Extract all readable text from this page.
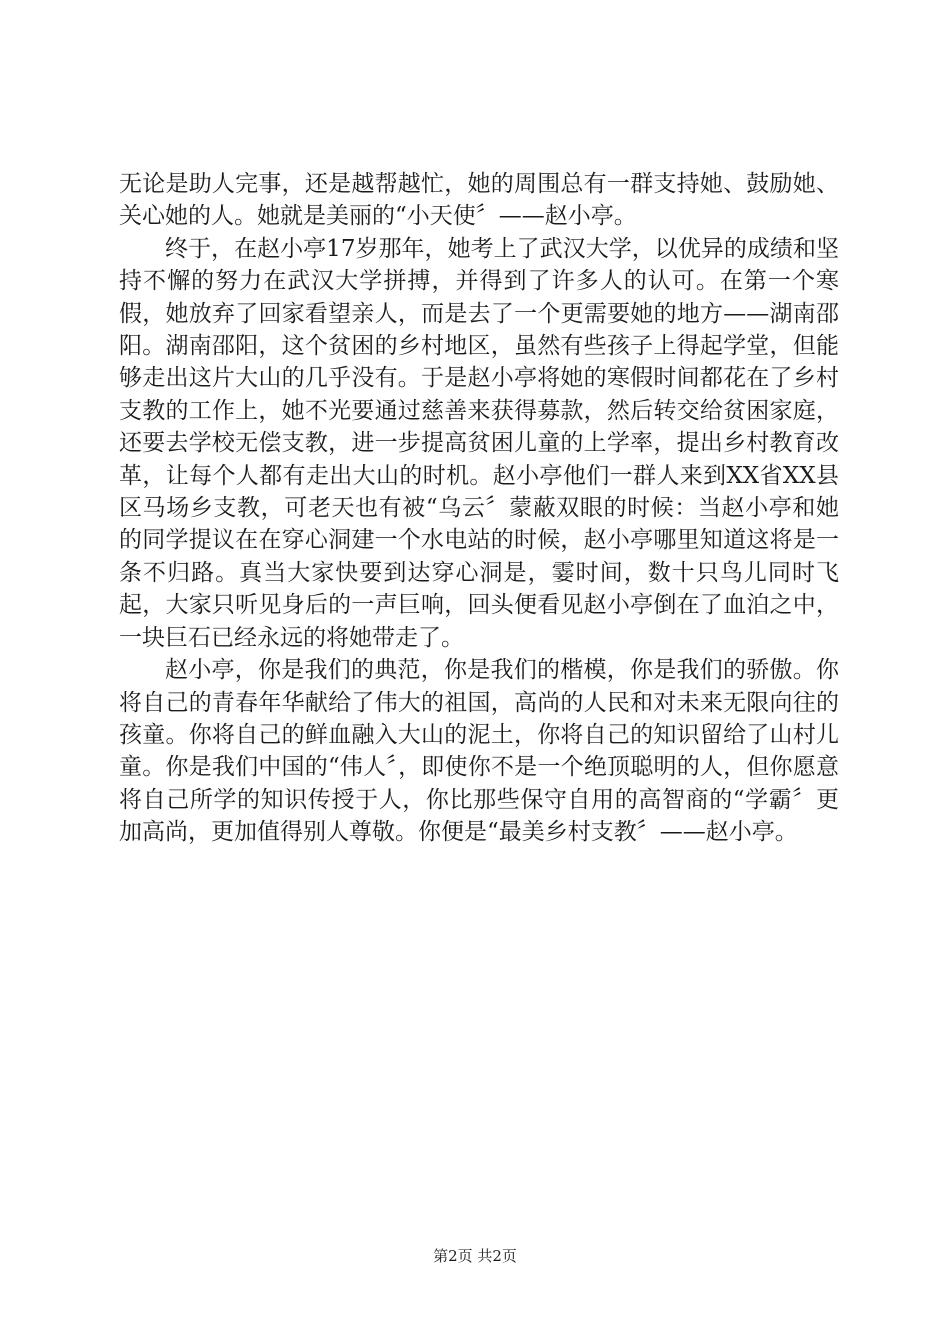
无论是助人完事，还是越帮越忙，她的周围总有一群支持她、鼓励她、关心她的人。她就是美丽的“小天使〞——赵小亭。

终于，在赵小亭17岁那年，她考上了武汉大学，以优异的成绩和坚持不懈的努力在武汉大学拼搏，并得到了许多人的认可。在第一个寒假，她放弃了回家看望亲人，而是去了一个更需要她的地方——湖南邵阳。湖南邵阳，这个贫困的乡村地区，虽然有些孩子上得起学堂，但能够走出这片大山的几乎没有。于是赵小亭将她的寒假时间都花在了乡村支教的工作上，她不光要通过慈善来获得募款，然后转交给贫困家庭，还要去学校无偿支教，进一步提高贫困儿童的上学率，提出乡村教育改革，让每个人都有走出大山的时机。赵小亭他们一群人来到XX省XX县区马场乡支教，可老天也有被“乌云〞蒙蔽双眼的时候：当赵小亭和她的同学提议在在穿心洞建一个水电站的时候，赵小亭哪里知道这将是一条不归路。真当大家快要到达穿心洞是，霎时间，数十只鸟儿同时飞起，大家只听见身后的一声巨响，回头便看见赵小亭倒在了血泊之中，一块巨石已经永远的将她带走了。

赵小亭，你是我们的典范，你是我们的楷模，你是我们的骄傲。你将自己的青春年华献给了伟大的祖国，高尚的人民和对未来无限向往的孩童。你将自己的鲜血融入大山的泥土，你将自己的知识留给了山村儿童。你是我们中国的“伟人〞，即使你不是一个绝顶聪明的人，但你愿意将自己所学的知识传授于人，你比那些保守自用的高智商的“学霸〞更加高尚，更加值得别人尊敬。你便是“最美乡村支教〞——赵小亭。

第2页 共2页
